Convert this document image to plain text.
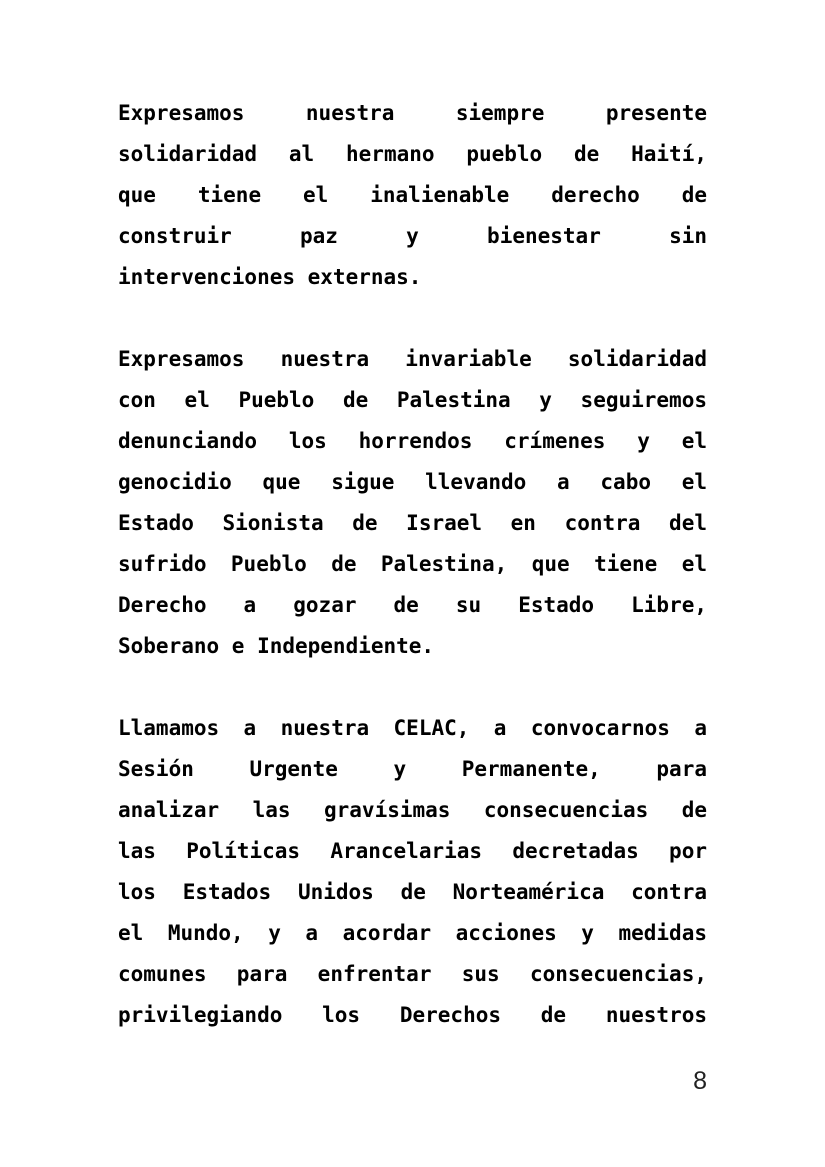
Expresamos nuestra siempre presente
solidaridad al hermano pueblo de Haití,
que tiene el inalienable derecho de
construir paz y bienestar sin
intervenciones externas.
Expresamos nuestra invariable solidaridad
con el Pueblo de Palestina y seguiremos
denunciando los horrendos crímenes y el
genocidio que sigue llevando a cabo el
Estado Sionista de Israel en contra del
sufrido Pueblo de Palestina, que tiene el
Derecho a gozar de su Estado Libre,
Soberano e Independiente.
Llamamos a nuestra CELAC, a convocarnos a
Sesión Urgente y Permanente, para
analizar las gravísimas consecuencias de
las Políticas Arancelarias decretadas por
los Estados Unidos de Norteamérica contra
el Mundo, y a acordar acciones y medidas
comunes para enfrentar sus consecuencias,
privilegiando los Derechos de nuestros
8
